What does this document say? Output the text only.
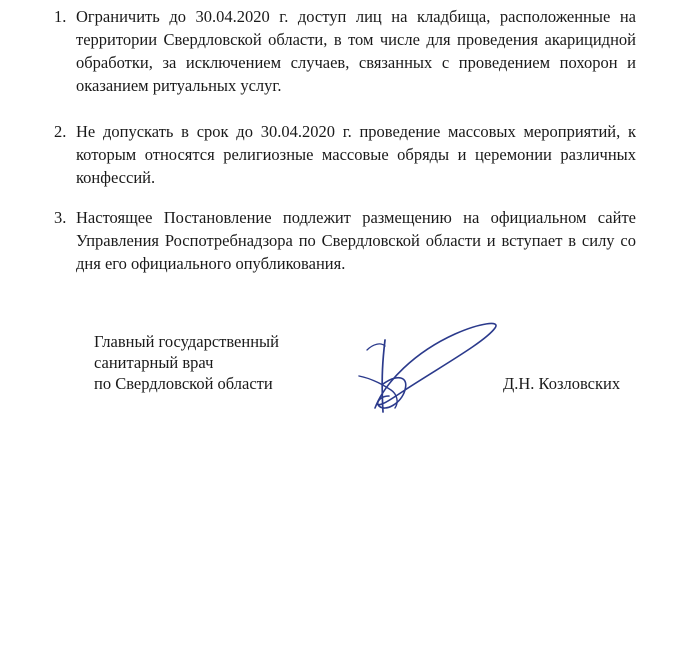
1. Ограничить до 30.04.2020 г. доступ лиц на кладбища, расположенные на территории Свердловской области, в том числе для проведения акарицидной обработки, за исключением случаев, связанных с проведением похорон и оказанием ритуальных услуг.
2. Не допускать в срок до 30.04.2020 г. проведение массовых мероприятий, к которым относятся религиозные массовые обряды и церемонии различных конфессий.
3. Настоящее Постановление подлежит размещению на официальном сайте Управления Роспотребнадзора по Свердловской области и вступает в силу со дня его официального опубликования.
Главный государственный
санитарный врач
по Свердловской области	Д.Н. Козловских
